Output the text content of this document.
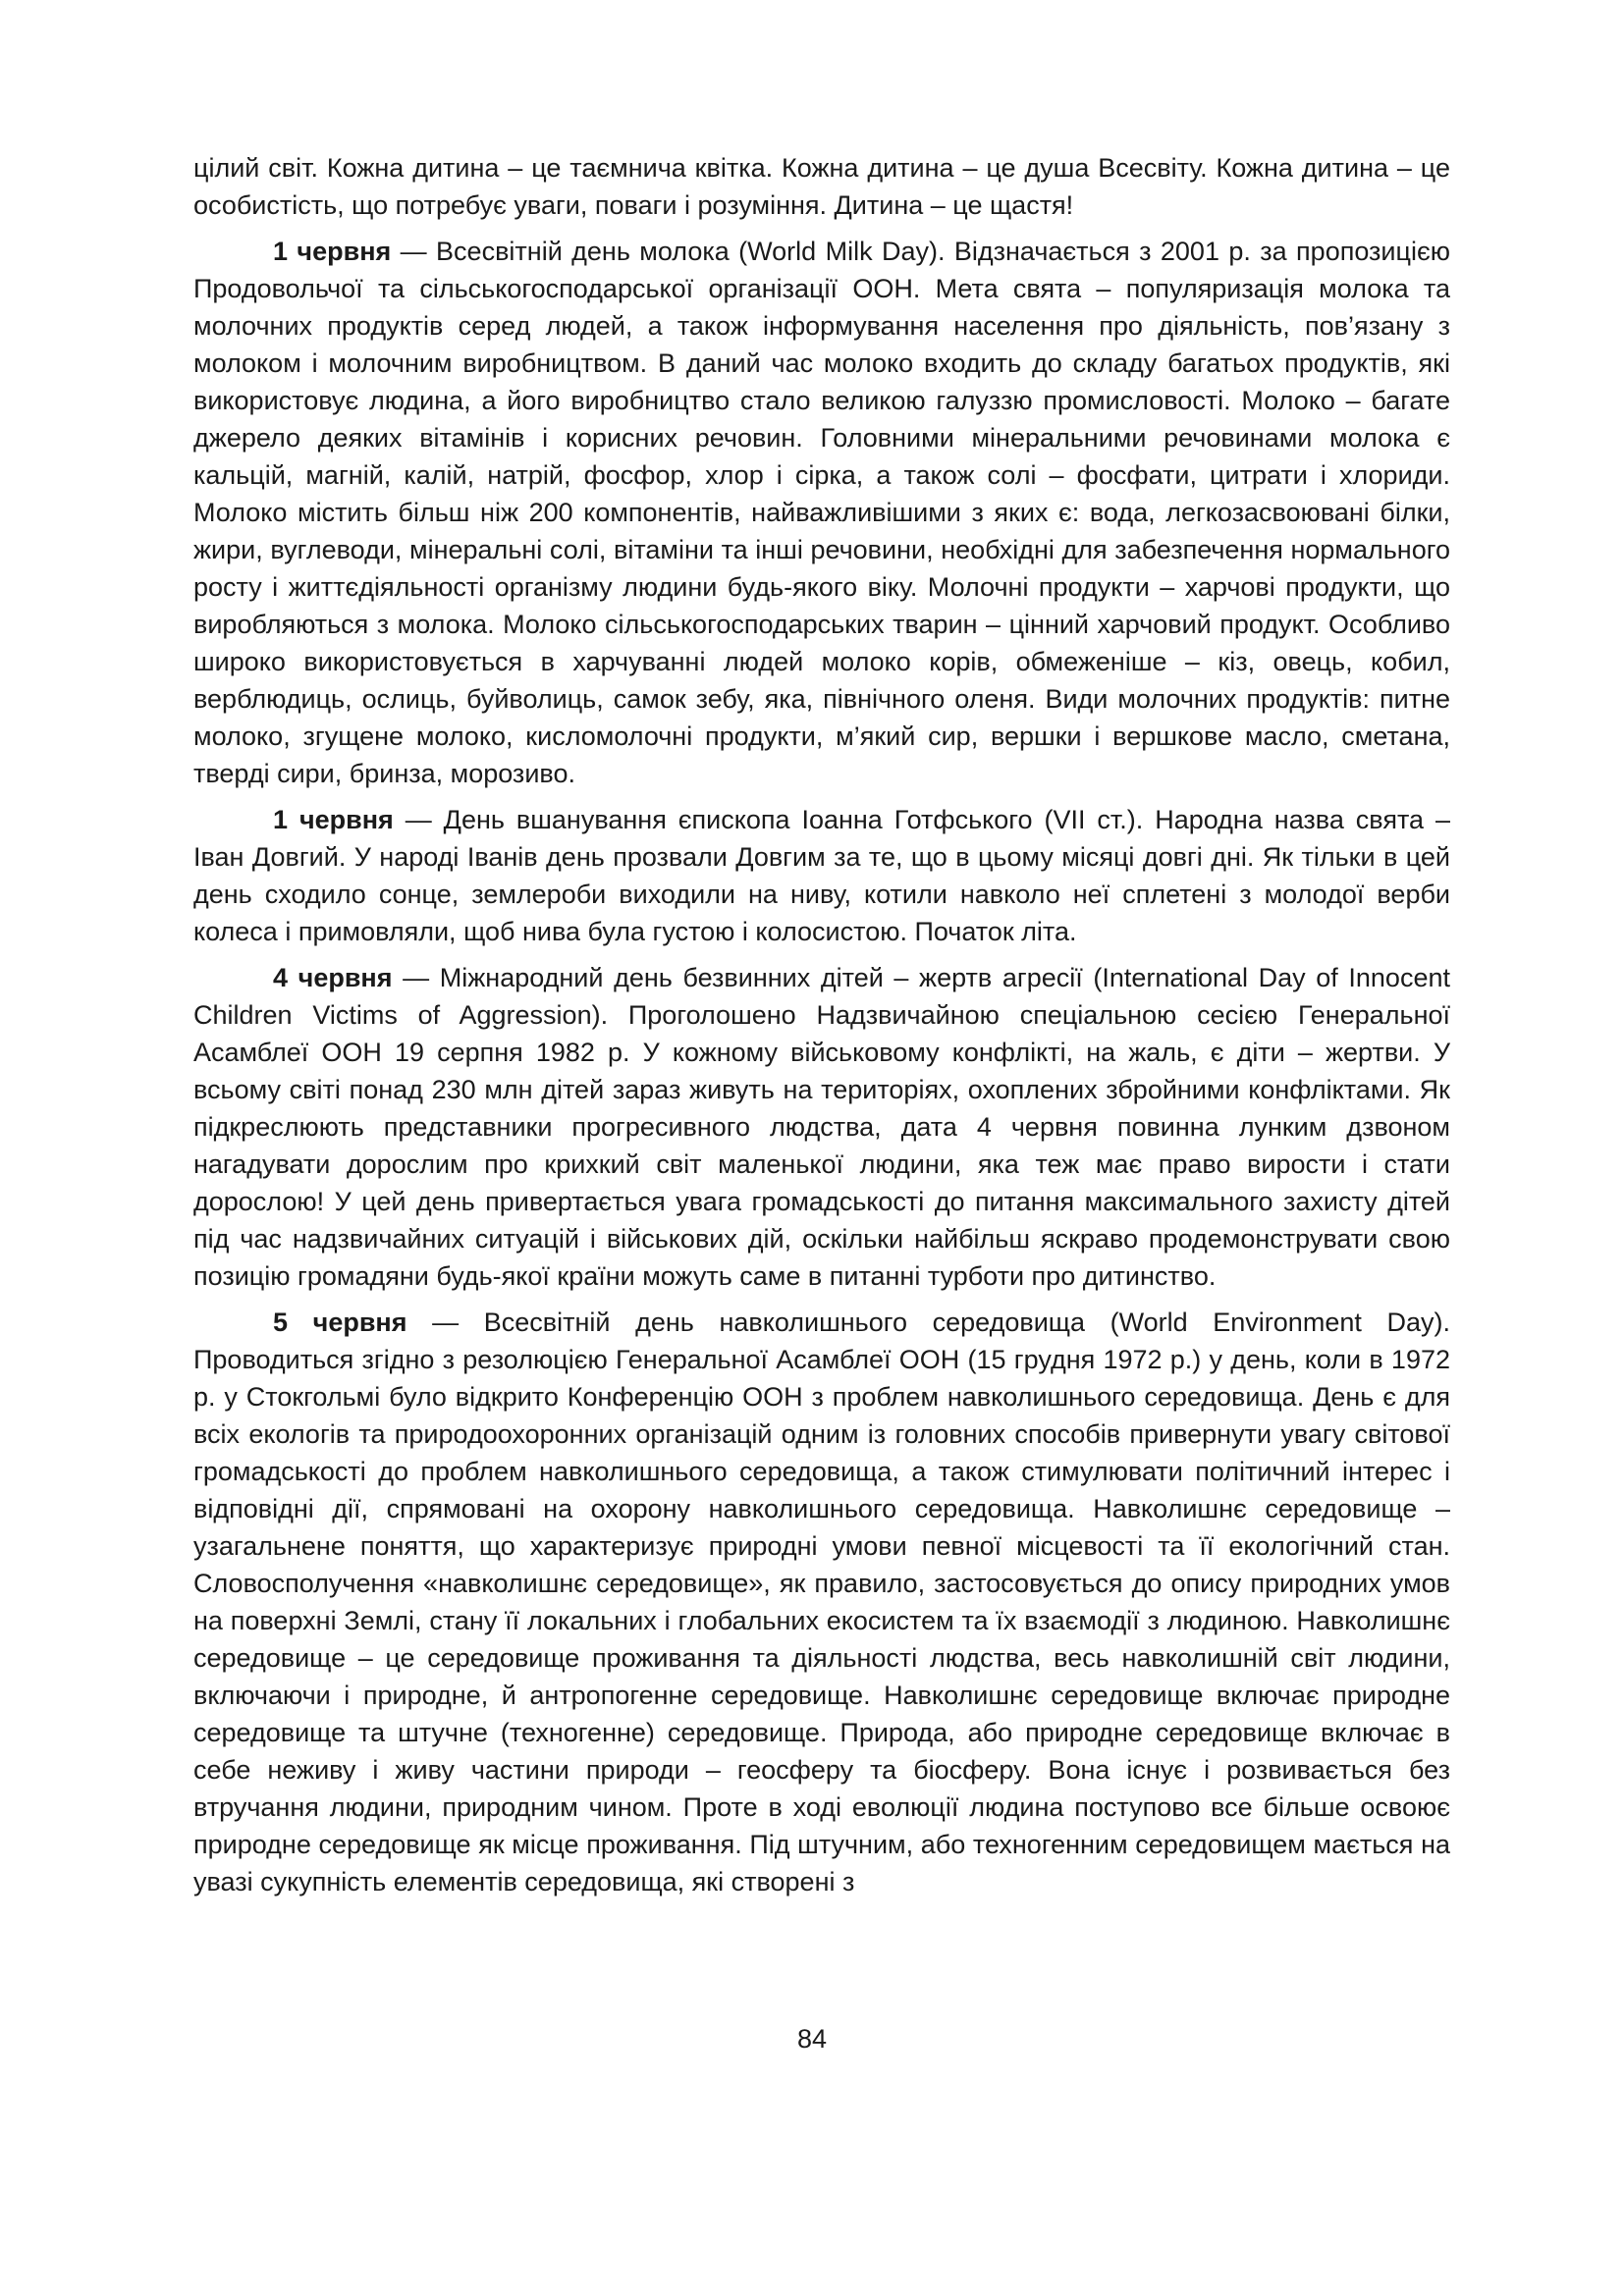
цілий світ. Кожна дитина – це таємнича квітка. Кожна дитина – це душа Всесвіту. Кожна дитина – це особистість, що потребує уваги, поваги і розуміння. Дитина – це щастя!

1 червня — Всесвітній день молока (World Milk Day). Відзначається з 2001 р. за пропозицією Продовольчої та сільськогосподарської організації ООН. Мета свята – популяризація молока та молочних продуктів серед людей, а також інформування населення про діяльність, пов’язану з молоком і молочним виробництвом. В даний час молоко входить до складу багатьох продуктів, які використовує людина, а його виробництво стало великою галуззю промисловості. Молоко – багате джерело деяких вітамінів і корисних речовин. Головними мінеральними речовинами молока є кальцій, магній, калій, натрій, фосфор, хлор і сірка, а також солі – фосфати, цитрати і хлориди. Молоко містить більш ніж 200 компонентів, найважливішими з яких є: вода, легкозасвоювані білки, жири, вуглеводи, мінеральні солі, вітаміни та інші речовини, необхідні для забезпечення нормального росту і життєдіяльності організму людини будь-якого віку. Молочні продукти – харчові продукти, що виробляються з молока. Молоко сільськогосподарських тварин – цінний харчовий продукт. Особливо широко використовується в харчуванні людей молоко корів, обмеженіше – кіз, овець, кобил, верблюдиць, ослиць, буйволиць, самок зебу, яка, північного оленя. Види молочних продуктів: питне молоко, згущене молоко, кисломолочні продукти, м’який сир, вершки і вершкове масло, сметана, тверді сири, бринза, морозиво.

1 червня — День вшанування єпископа Іоанна Готфського (VII ст.). Народна назва свята – Іван Довгий. У народі Іванів день прозвали Довгим за те, що в цьому місяці довгі дні. Як тільки в цей день сходило сонце, землероби виходили на ниву, котили навколо неї сплетені з молодої верби колеса і примовляли, щоб нива була густою і колосистою. Початок літа.

4 червня — Міжнародний день безвинних дітей – жертв агресії (International Day of Innocent Children Victims of Aggression). Проголошено Надзвичайною спеціальною сесією Генеральної Асамблеї ООН 19 серпня 1982 р. У кожному військовому конфлікті, на жаль, є діти – жертви. У всьому світі понад 230 млн дітей зараз живуть на територіях, охоплених збройними конфліктами. Як підкреслюють представники прогресивного людства, дата 4 червня повинна лунким дзвоном нагадувати дорослим про крихкий світ маленької людини, яка теж має право вирости і стати дорослою! У цей день привертається увага громадськості до питання максимального захисту дітей під час надзвичайних ситуацій і військових дій, оскільки найбільш яскраво продемонструвати свою позицію громадяни будь-якої країни можуть саме в питанні турботи про дитинство.

5 червня — Всесвітній день навколишнього середовища (World Environment Day). Проводиться згідно з резолюцією Генеральної Асамблеї ООН (15 грудня 1972 р.) у день, коли в 1972 р. у Стокгольмі було відкрито Конференцію ООН з проблем навколишнього середовища. День є для всіх екологів та природоохоронних організацій одним із головних способів привернути увагу світової громадськості до проблем навколишнього середовища, а також стимулювати політичний інтерес і відповідні дії, спрямовані на охорону навколишнього середовища. Навколишнє середовище – узагальнене поняття, що характеризує природні умови певної місцевості та її екологічний стан. Словосполучення «навколишнє середовище», як правило, застосовується до опису природних умов на поверхні Землі, стану її локальних і глобальних екосистем та їх взаємодії з людиною. Навколишнє середовище – це середовище проживання та діяльності людства, весь навколишній світ людини, включаючи і природне, й антропогенне середовище. Навколишнє середовище включає природне середовище та штучне (техногенне) середовище. Природа, або природне середовище включає в себе неживу і живу частини природи – геосферу та біосферу. Вона існує і розвивається без втручання людини, природним чином. Проте в ході еволюції людина поступово все більше освоює природне середовище як місце проживання. Під штучним, або техногенним середовищем мається на увазі сукупність елементів середовища, які створені з

84
